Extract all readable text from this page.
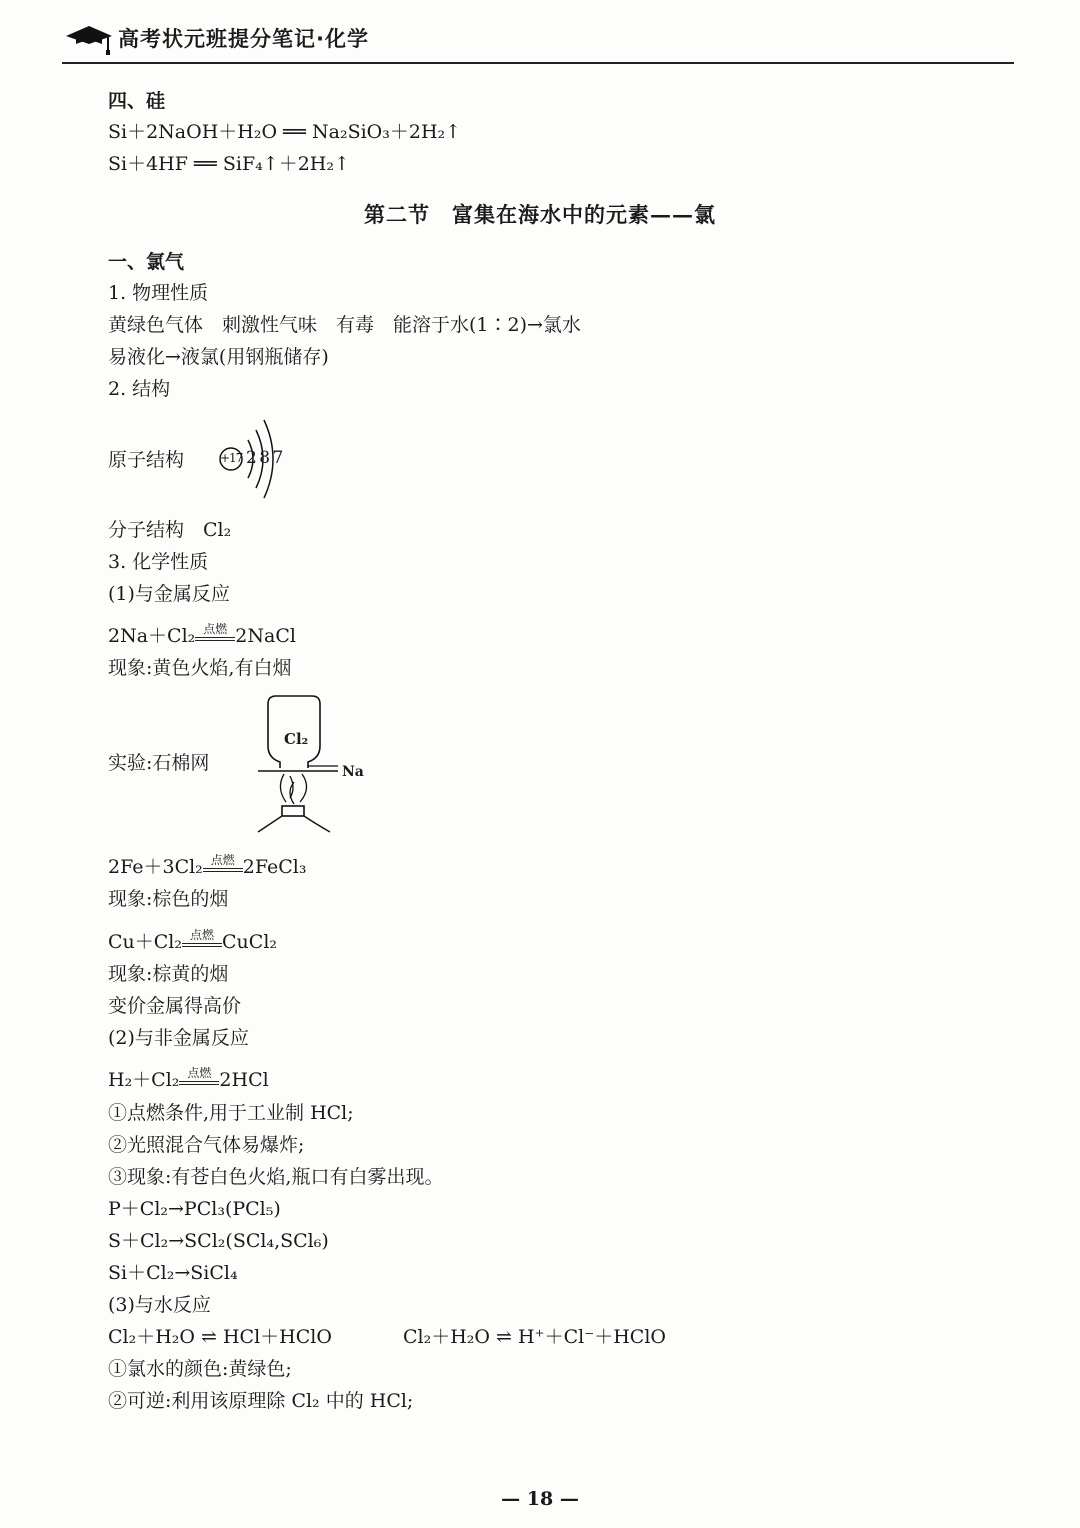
高考状元班提分笔记·化学
四、硅
Si＋2NaOH＋H₂O ══ Na₂SiO₃＋2H₂↑
Si＋4HF ══ SiF₄↑＋2H₂↑
第二节　富集在海水中的元素——氯
一、氯气
1. 物理性质
黄绿色气体　刺激性气味　有毒　能溶于水(1∶2)→氯水
易液化→液氯(用钢瓶储存)
2. 结构
原子结构	+17 2 8 7
分子结构　Cl₂
3. 化学性质
(1)与金属反应
2Na＋Cl₂ 点燃 2NaCl
现象:黄色火焰,有白烟
实验:石棉网
Cl₂
Na
2Fe＋3Cl₂ 点燃 2FeCl₃
现象:棕色的烟
Cu＋Cl₂ 点燃 CuCl₂
现象:棕黄的烟
变价金属得高价
(2)与非金属反应
H₂＋Cl₂ 点燃 2HCl
①点燃条件,用于工业制 HCl;
②光照混合气体易爆炸;
③现象:有苍白色火焰,瓶口有白雾出现。
P＋Cl₂→PCl₃(PCl₅)
S＋Cl₂→SCl₂(SCl₄,SCl₆)
Si＋Cl₂→SiCl₄
(3)与水反应
Cl₂＋H₂O ⇌ HCl＋HClO	Cl₂＋H₂O ⇌ H⁺＋Cl⁻＋HClO
①氯水的颜色:黄绿色;
②可逆:利用该原理除 Cl₂ 中的 HCl;
— 18 —
